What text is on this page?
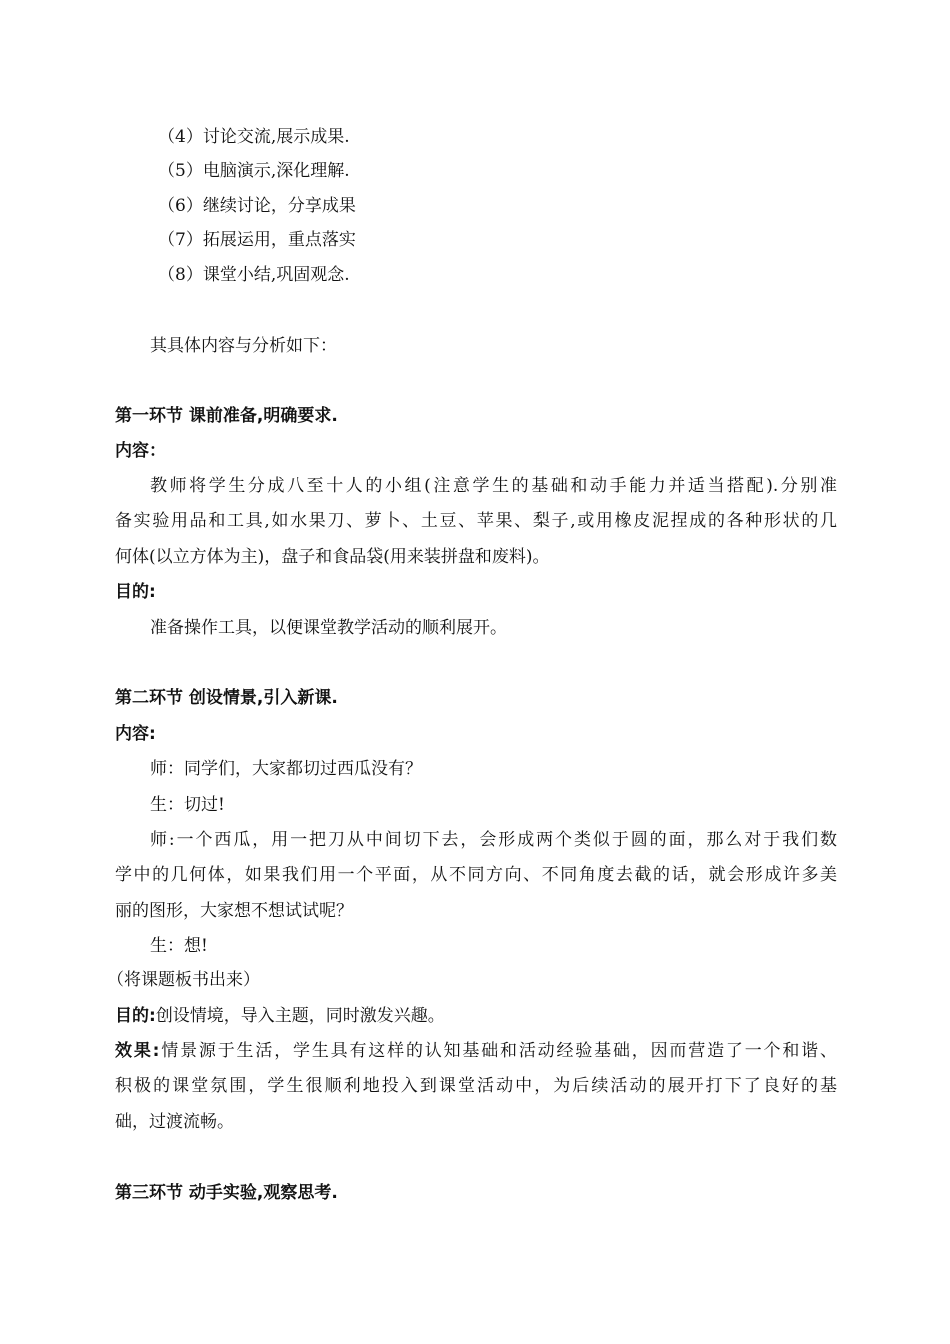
（4）讨论交流,展示成果.
（5）电脑演示,深化理解.
（6）继续讨论，分享成果
（7）拓展运用，重点落实
（8）课堂小结,巩固观念.
其具体内容与分析如下：
第一环节 课前准备,明确要求.
内容：
教师将学生分成八至十人的小组(注意学生的基础和动手能力并适当搭配).分别准
备实验用品和工具,如水果刀、萝卜、土豆、苹果、梨子,或用橡皮泥捏成的各种形状的几
何体(以立方体为主)，盘子和食品袋(用来装拼盘和废料)。
目的:
准备操作工具，以便课堂教学活动的顺利展开。
第二环节 创设情景,引入新课.
内容:
师：同学们，大家都切过西瓜没有？
生：切过!
师:一个西瓜，用一把刀从中间切下去，会形成两个类似于圆的面，那么对于我们数
学中的几何体，如果我们用一个平面，从不同方向、不同角度去截的话，就会形成许多美
丽的图形，大家想不想试试呢？
生：想!
（将课题板书出来）
目的:创设情境，导入主题，同时激发兴趣。
效果:情景源于生活，学生具有这样的认知基础和活动经验基础，因而营造了一个和谐、
积极的课堂氛围，学生很顺利地投入到课堂活动中，为后续活动的展开打下了良好的基
础，过渡流畅。
第三环节 动手实验,观察思考.
